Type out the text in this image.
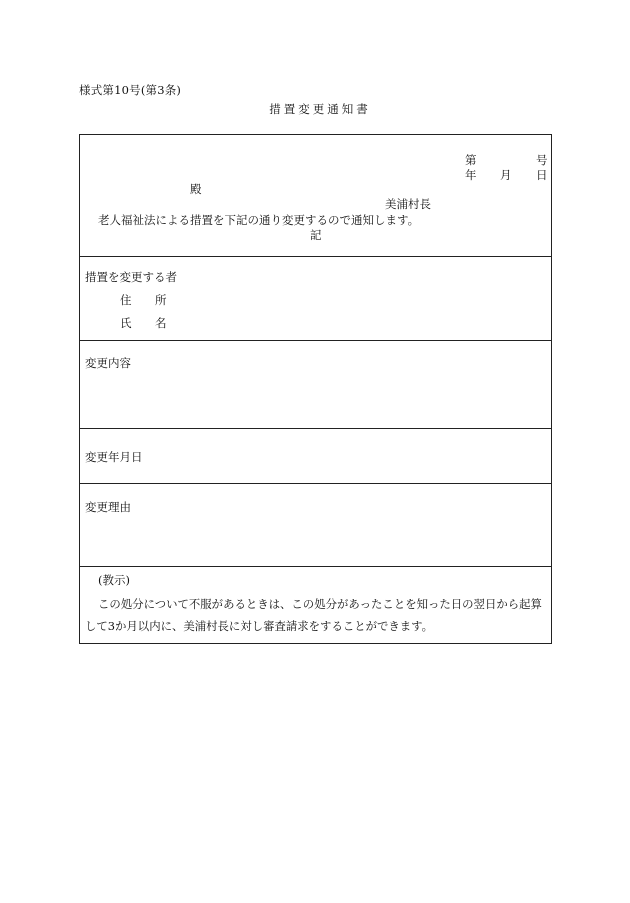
様式第10号(第3条)
措置変更通知書
第	号
年 月 日
殿
美浦村長
老人福祉法による措置を下記の通り変更するので通知します。
記
措置を変更する者
住 所
氏 名
変更内容
変更年月日
変更理由
(教示)
この処分について不服があるときは、この処分があったことを知った日の翌日から起算
して3か月以内に、美浦村長に対し審査請求をすることができます。
